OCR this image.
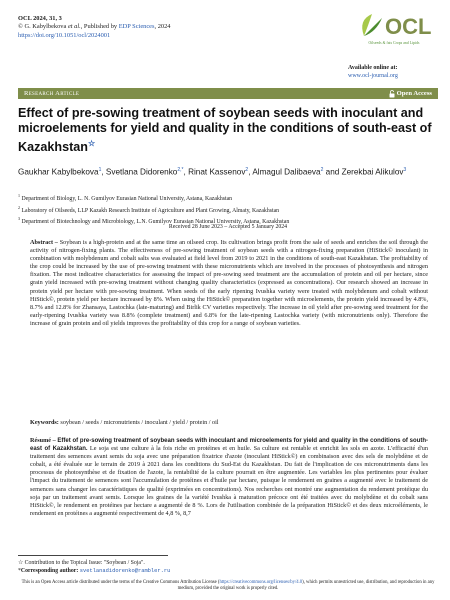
OCL 2024, 31, 3
© G. Kabylbekova et al., Published by EDP Sciences, 2024
https://doi.org/10.1051/ocl/2024001	OCL
Oilseeds & fats Crops and Lipids
Available online at:
www.ocl-journal.org
Research Article	Open Access
Effect of pre-sowing treatment of soybean seeds with inoculant and microelements for yield and quality in the conditions of south-east of Kazakhstan☆
Gaukhar Kabylbekova$^1$, Svetlana Didorenko$^{2,*}$, Rinat Kassenov$^2$, Almagul Dalibaeva$^2$ and Zerekbai Alikulov$^3$
$^1$ Department of Biology, L. N. Gumilyov Eurasian National University, Astana, Kazakhstan
$^2$ Laboratory of Oilseeds, LLP Kazakh Research Institute of Agriculture and Plant Growing, Almaty, Kazakhstan
$^3$ Department of Biotechnology and Microbiology, L.N. Gumilyov Eurasian National University, Astana, Kazakhstan
Received 28 June 2023 – Accepted 5 January 2024
Abstract – Soybean is a high-protein and at the same time an oilseed crop. Its cultivation brings profit from the sale of seeds and enriches the soil through the activity of nitrogen-fixing plants. The effectiveness of pre-sowing treatment of soybean seeds with a nitrogen-fixing preparation (HiStick© inoculant) in combination with molybdenum and cobalt salts was evaluated at field level from 2019 to 2021 in the conditions of south-east Kazakhstan. The profitability of the crop could be increased by the use of pre-sowing treatment with these micronutrients which are involved in the processes of photosynthesis and nitrogen fixation. The most indicative characteristics for assessing the impact of pre-sowing seed treatment are the accumulation of protein and oil per hectare, since grain yield increased with pre-sowing treatment without changing quality characteristics (expressed as concentrations). Our research showed an increase in protein yield per hectare with pre-sowing treatment. When seeds of the early ripening Ivushka variety were treated with molybdenum and cobalt without HiStick©, protein yield per hectare increased by 8%. When using the HiStick© preparation together with microelements, the protein yield increased by 4.8%, 8.7% and 12.8% for Zhansaya, Lastochka (late-maturing) and Birlik CV varieties respectively. The increase in oil yield after pre-sowing seed treatment for the early-ripening Ivushka variety was 8.8% (complete treatment) and 6.8% for the late-ripening Lastochka variety (with micronutrients only). Therefore the increase of grain protein and oil yields improves the profitability of this crop for a range of soybean varieties.
Keywords: soybean / seeds / micronutrients / inoculant / yield / protein / oil
Résumé – Effet of pre-sowing treatment of soybean seeds with inoculant and microelements for yield and quality in the conditions of south-east of Kazakhstan. Le soja est une culture à la fois riche en protéines et en huile. Sa culture est rentable et enrichit les sols en azote. L'efficacité d'un traitement des semences avant semis du soja avec une préparation fixatrice d'azote (inoculant HiStick©) en combinaison avec des sels de molybdène et de cobalt, a été évaluée sur le terrain de 2019 à 2021 dans les conditions du Sud-Est du Kazakhstan. Du fait de l'implication de ces micronutriments dans les processus de photosynthèse et de fixation de l'azote, la rentabilité de la culture pourrait en être augmentée. Les variables les plus pertinentes pour évaluer l'impact du traitement de semences sont l'accumulation de protéines et d'huile par hectare, puisque le rendement en graines a augmenté avec le traitement de semences sans changer les caractéristiques de qualité (exprimées en concentrations). Nos recherches ont montré une augmentation du rendement protéique du soja par un traitement avant semis. Lorsque les graines de la variété Ivushka à maturation précoce ont été traitées avec du molybdène et du cobalt sans HiStick©, le rendement en protéines par hectare a augmenté de 8 %. Lors de l'utilisation combinée de la préparation HiStick© et des deux microéléments, le rendement en protéines a augmenté respectivement de 4,8 %, 8,7
☆ Contribution to the Topical Issue: "Soybean / Soja".
*Corresponding author: svetlanadidorenko@rambler.ru
This is an Open Access article distributed under the terms of the Creative Commons Attribution License (https://creativecommons.org/licenses/by/4.0), which permits unrestricted use, distribution, and reproduction in any medium, provided the original work is properly cited.
